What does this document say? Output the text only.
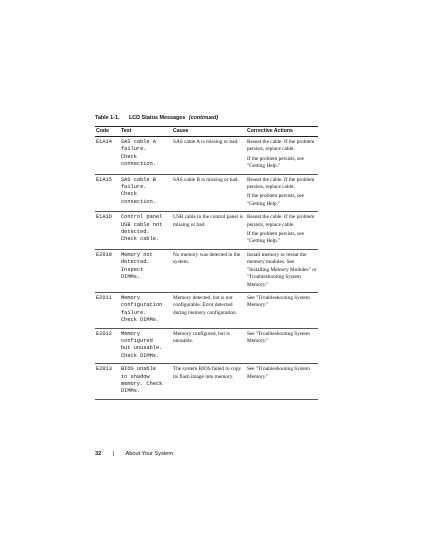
Table 1-1. LCD Status Messages (continued)
Code	Text	Cause	Corrective Actions
E1A14	SAS cable A
failure.
Check
connection.	SAS cable A is missing or bad.	Reseat the cable. If the problem persists, replace cable.
If the problem persists, see "Getting Help."

E1A15	SAS cable B
failure.
Check
connection.	SAS cable B is missing or bad.	Reseat the cable. If the problem persists, replace cable.
If the problem persists, see "Getting Help."

E1A1D	Control panel
USB cable not
detected.
Check cable.	USB cable to the control panel is missing or bad.	Reseat the cable. If the problem persists, replace cable.
If the problem persists, see "Getting Help."

E2010	Memory not
detected.
Inspect
DIMMs.	No memory was detected in the system.	Install memory or reseat the memory modules. See "Installing Memory Modules" or "Troubleshooting System Memory."

E2011	Memory
configuration
failure.
Check DIMMs.	Memory detected, but is not configurable. Error detected during memory configuration.	See "Troubleshooting System Memory."

E2012	Memory
configured
but unusable.
Check DIMMs.	Memory configured, but is unusable.	See "Troubleshooting System Memory."

E2013	BIOS unable
to shadow
memory. Check
DIMMs.	The system BIOS failed to copy its flash image into memory.	See "Troubleshooting System Memory."
32 | About Your System
